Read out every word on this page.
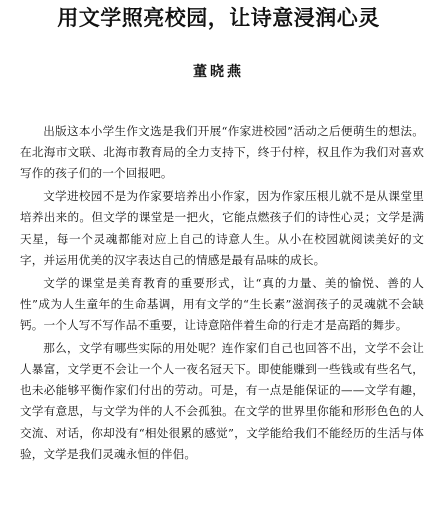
用文学照亮校园，让诗意浸润心灵
董晓燕

出版这本小学生作文选是我们开展“作家进校园”活动之后便萌生的想法。在北海市文联、北海市教育局的全力支持下，终于付梓，权且作为我们对喜欢写作的孩子们的一个回报吧。

文学进校园不是为作家要培养出小作家，因为作家压根儿就不是从课堂里培养出来的。但文学的课堂是一把火，它能点燃孩子们的诗性心灵；文学是满天星，每一个灵魂都能对应上自己的诗意人生。从小在校园就阅读美好的文字，并运用优美的汉字表达自己的情感是最有品味的成长。

文学的课堂是美育教育的重要形式，让“真的力量、美的愉悦、善的人性”成为人生童年的生命基调，用有文学的“生长素”滋润孩子的灵魂就不会缺钙。一个人写不写作品不重要，让诗意陪伴着生命的行走才是高蹈的舞步。

那么，文学有哪些实际的用处呢？连作家们自己也回答不出，文学不会让人暴富，文学更不会让一个人一夜名冠天下。即使能赚到一些钱或有些名气，也未必能够平衡作家们付出的劳动。可是，有一点是能保证的——文学有趣，文学有意思，与文学为伴的人不会孤独。在文学的世界里你能和形形色色的人交流、对话，你却没有“相处很累的感觉”，文学能给我们不能经历的生活与体验，文学是我们灵魂永恒的伴侣。
